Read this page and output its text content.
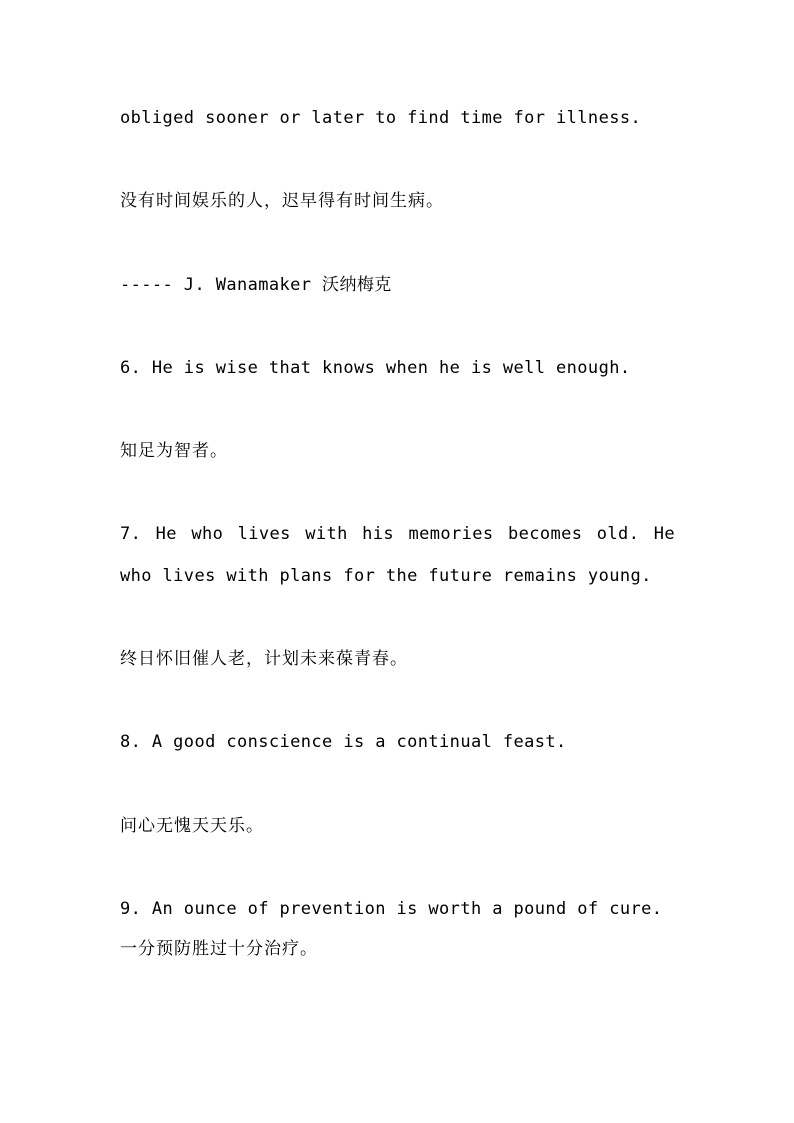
obliged sooner or later to find time for illness.
没有时间娱乐的人，迟早得有时间生病。
----- J. Wanamaker 沃纳梅克
6. He is wise that knows when he is well enough.
知足为智者。
7. He who lives with his memories becomes old. He
who lives with plans for the future remains young.
终日怀旧催人老，计划未来葆青春。
8. A good conscience is a continual feast.
问心无愧天天乐。
9. An ounce of prevention is worth a pound of cure.
一分预防胜过十分治疗。
